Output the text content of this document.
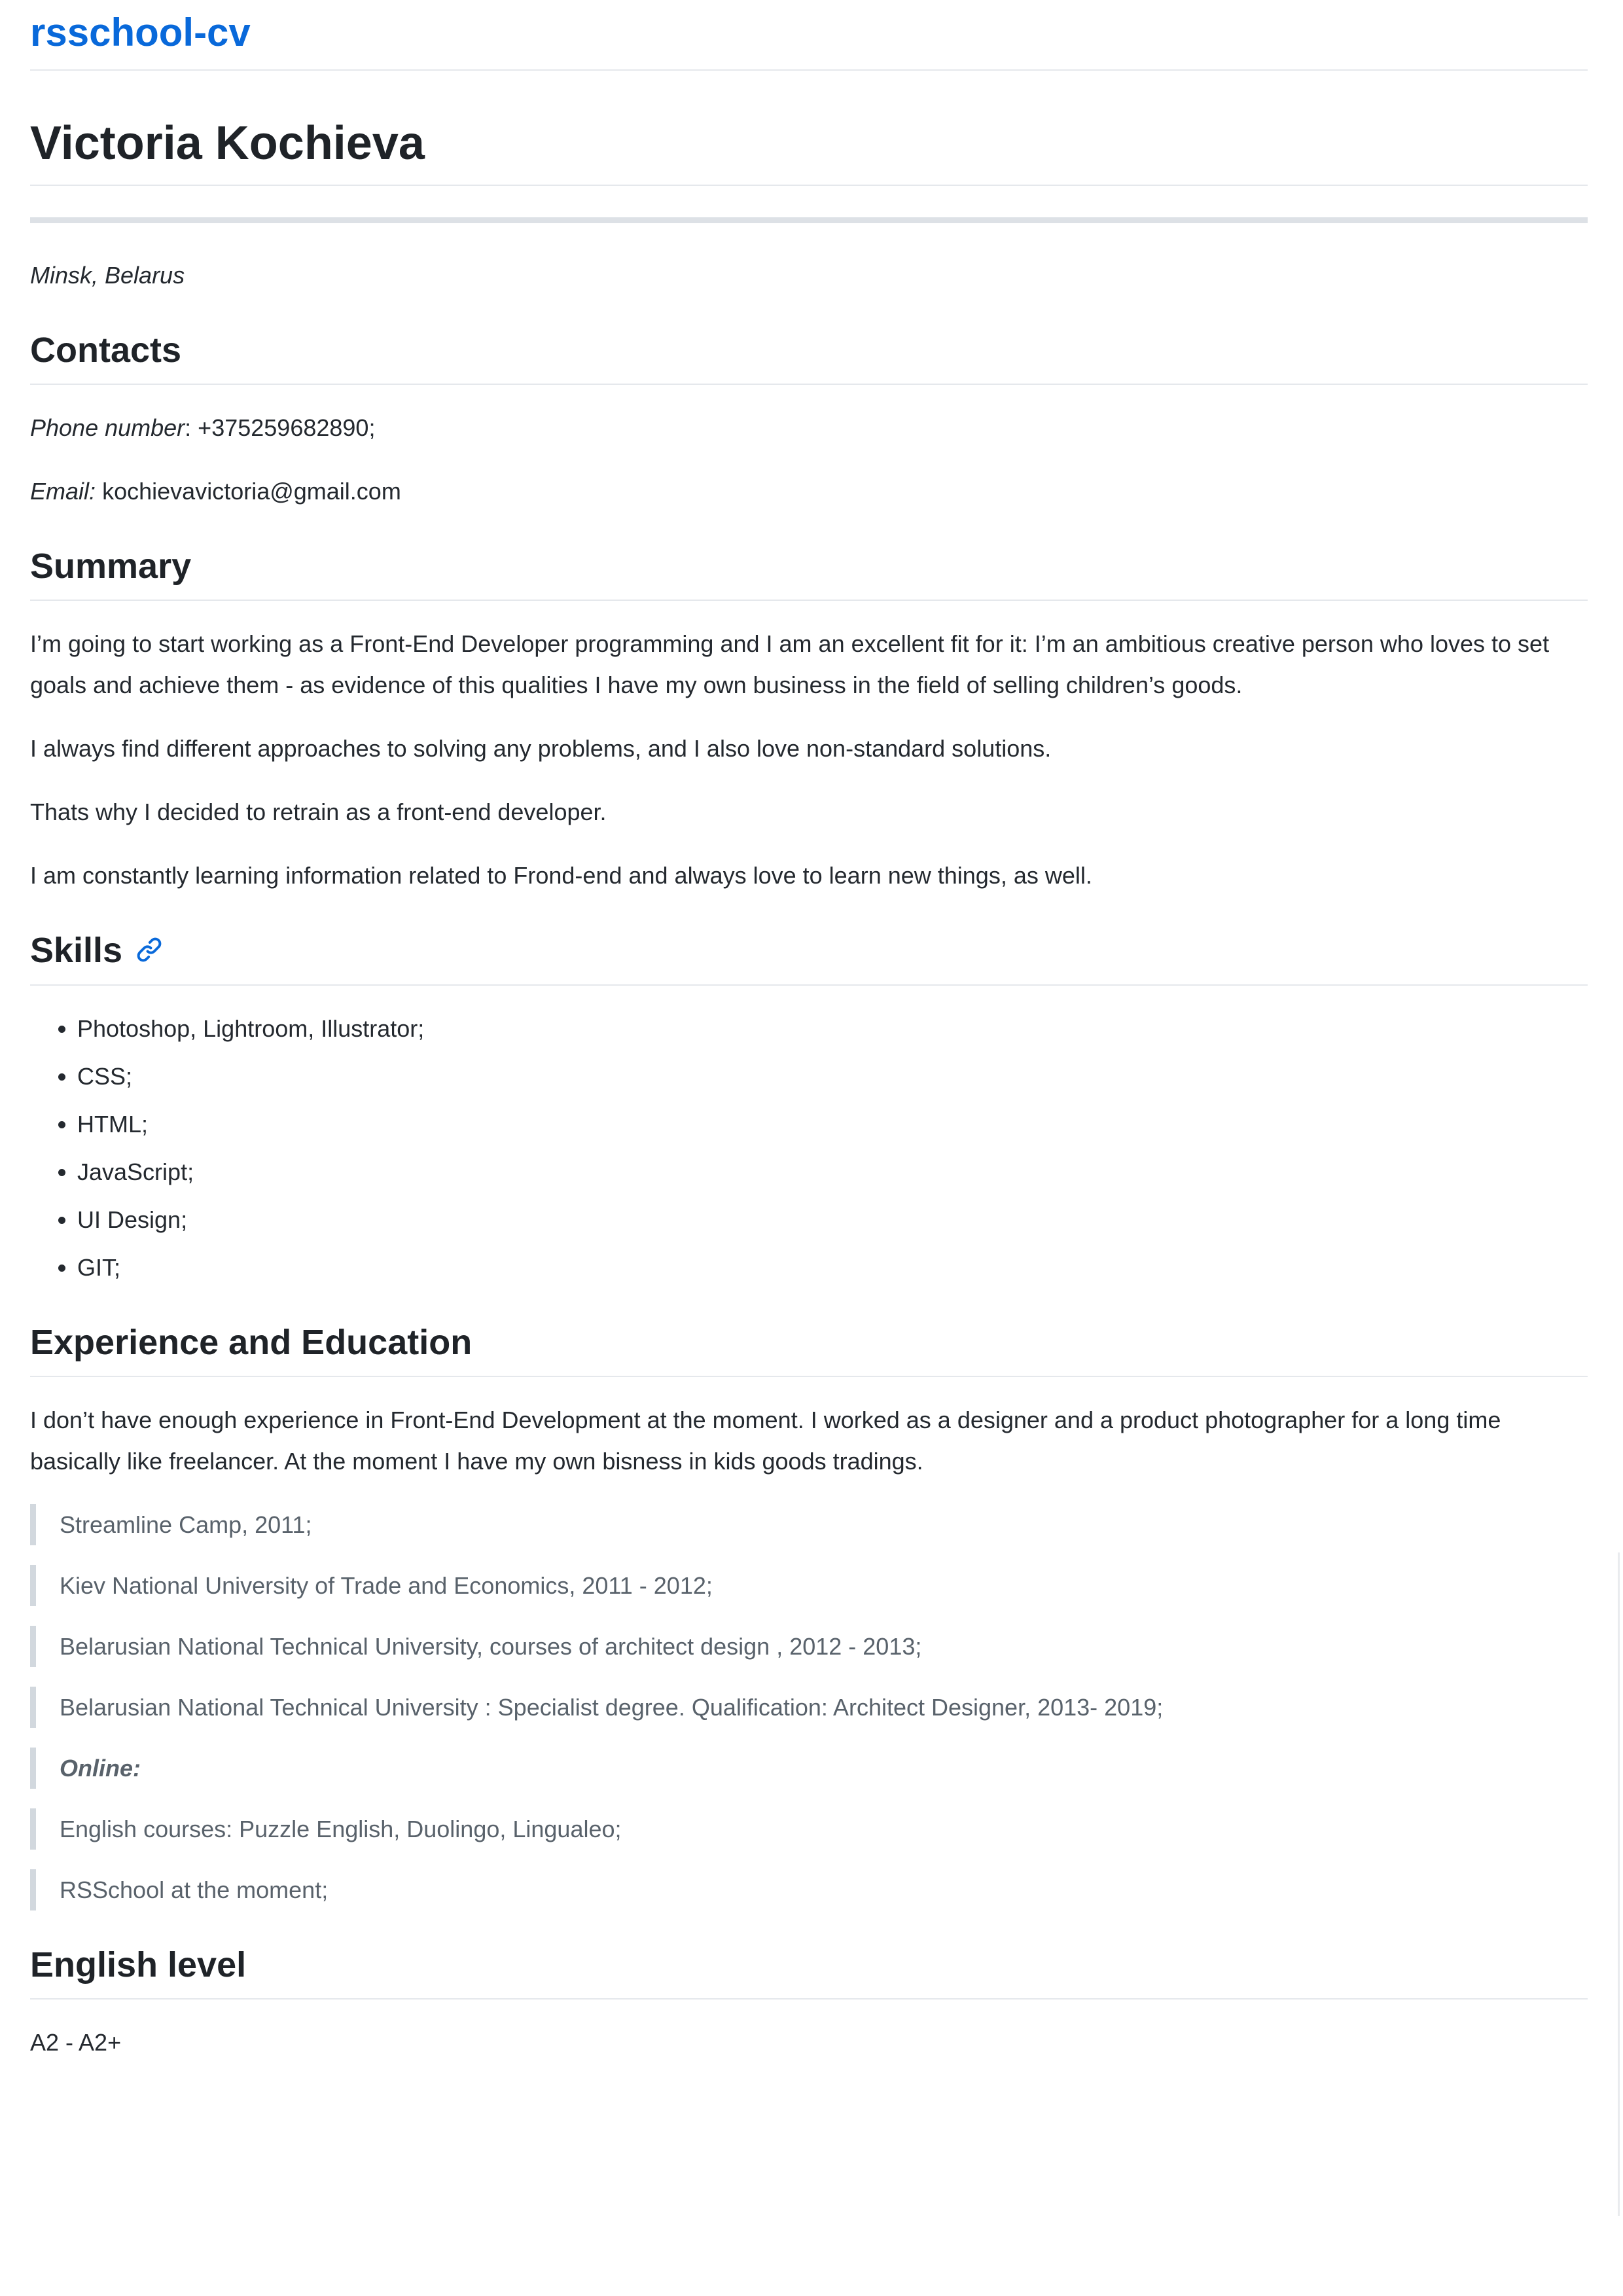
rsschool-cv
Victoria Kochieva

Minsk, Belarus

Contacts

Phone number: +375259682890;

Email: kochievavictoria@gmail.com

Summary

I’m going to start working as a Front-End Developer programming and I am an excellent fit for it: I’m an ambitious creative person who loves to set goals and achieve them - as evidence of this qualities I have my own business in the field of selling children’s goods.

I always find different approaches to solving any problems, and I also love non-standard solutions.

Thats why I decided to retrain as a front-end developer.

I am constantly learning information related to Frond-end and always love to learn new things, as well.

Skills
• Photoshop, Lightroom, Illustrator;
• CSS;
• HTML;
• JavaScript;
• UI Design;
• GIT;
Experience and Education

I don’t have enough experience in Front-End Development at the moment. I worked as a designer and a product photographer for a long time basically like freelancer. At the moment I have my own bisness in kids goods tradings.

Streamline Camp, 2011;

Kiev National University of Trade and Economics, 2011 - 2012;

Belarusian National Technical University, courses of architect design , 2012 - 2013;

Belarusian National Technical University : Specialist degree. Qualification: Architect Designer, 2013- 2019;

Online:

English courses: Puzzle English, Duolingo, Lingualeo;

RSSchool at the moment;

English level

A2 - A2+
